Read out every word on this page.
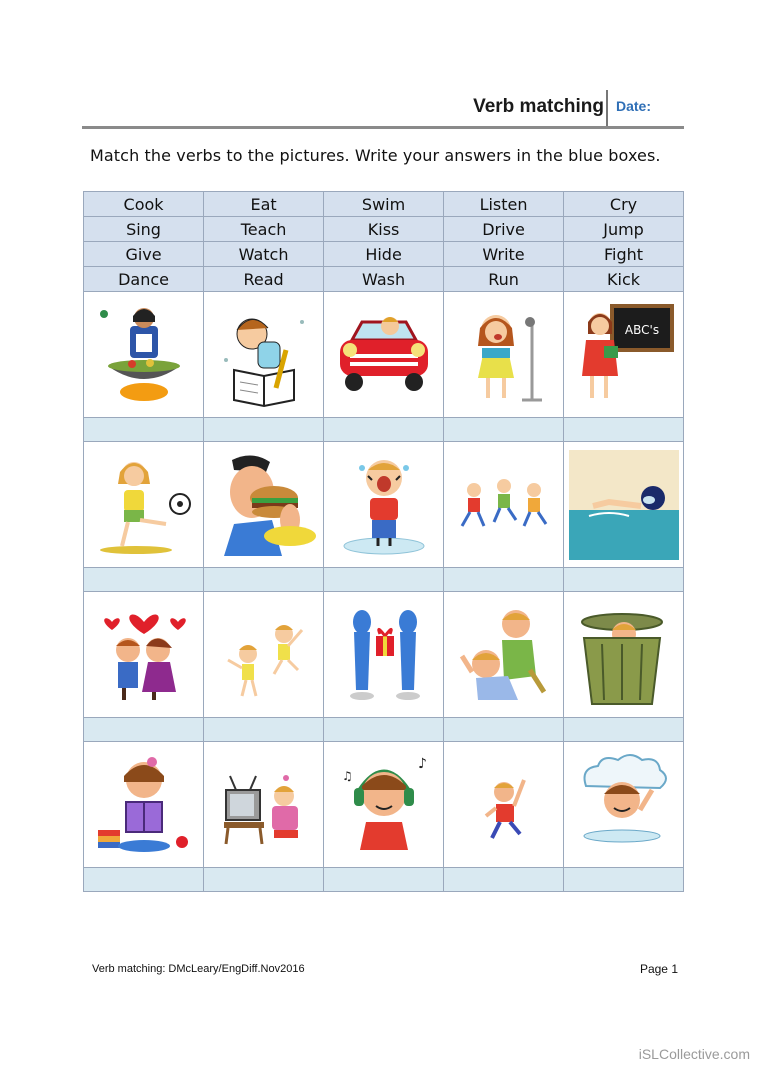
Verb matching Date:
Match the verbs to the pictures. Write your answers in the blue boxes.
Cook	Eat	Swim	Listen	Cry
Sing	Teach	Kiss	Drive	Jump
Give	Watch	Hide	Write	Fight
Dance	Read	Wash	Run	Kick

ABC's

♪
♫

Verb matching: DMcLeary/EngDiff.Nov2016	Page 1
iSLCollective.com
